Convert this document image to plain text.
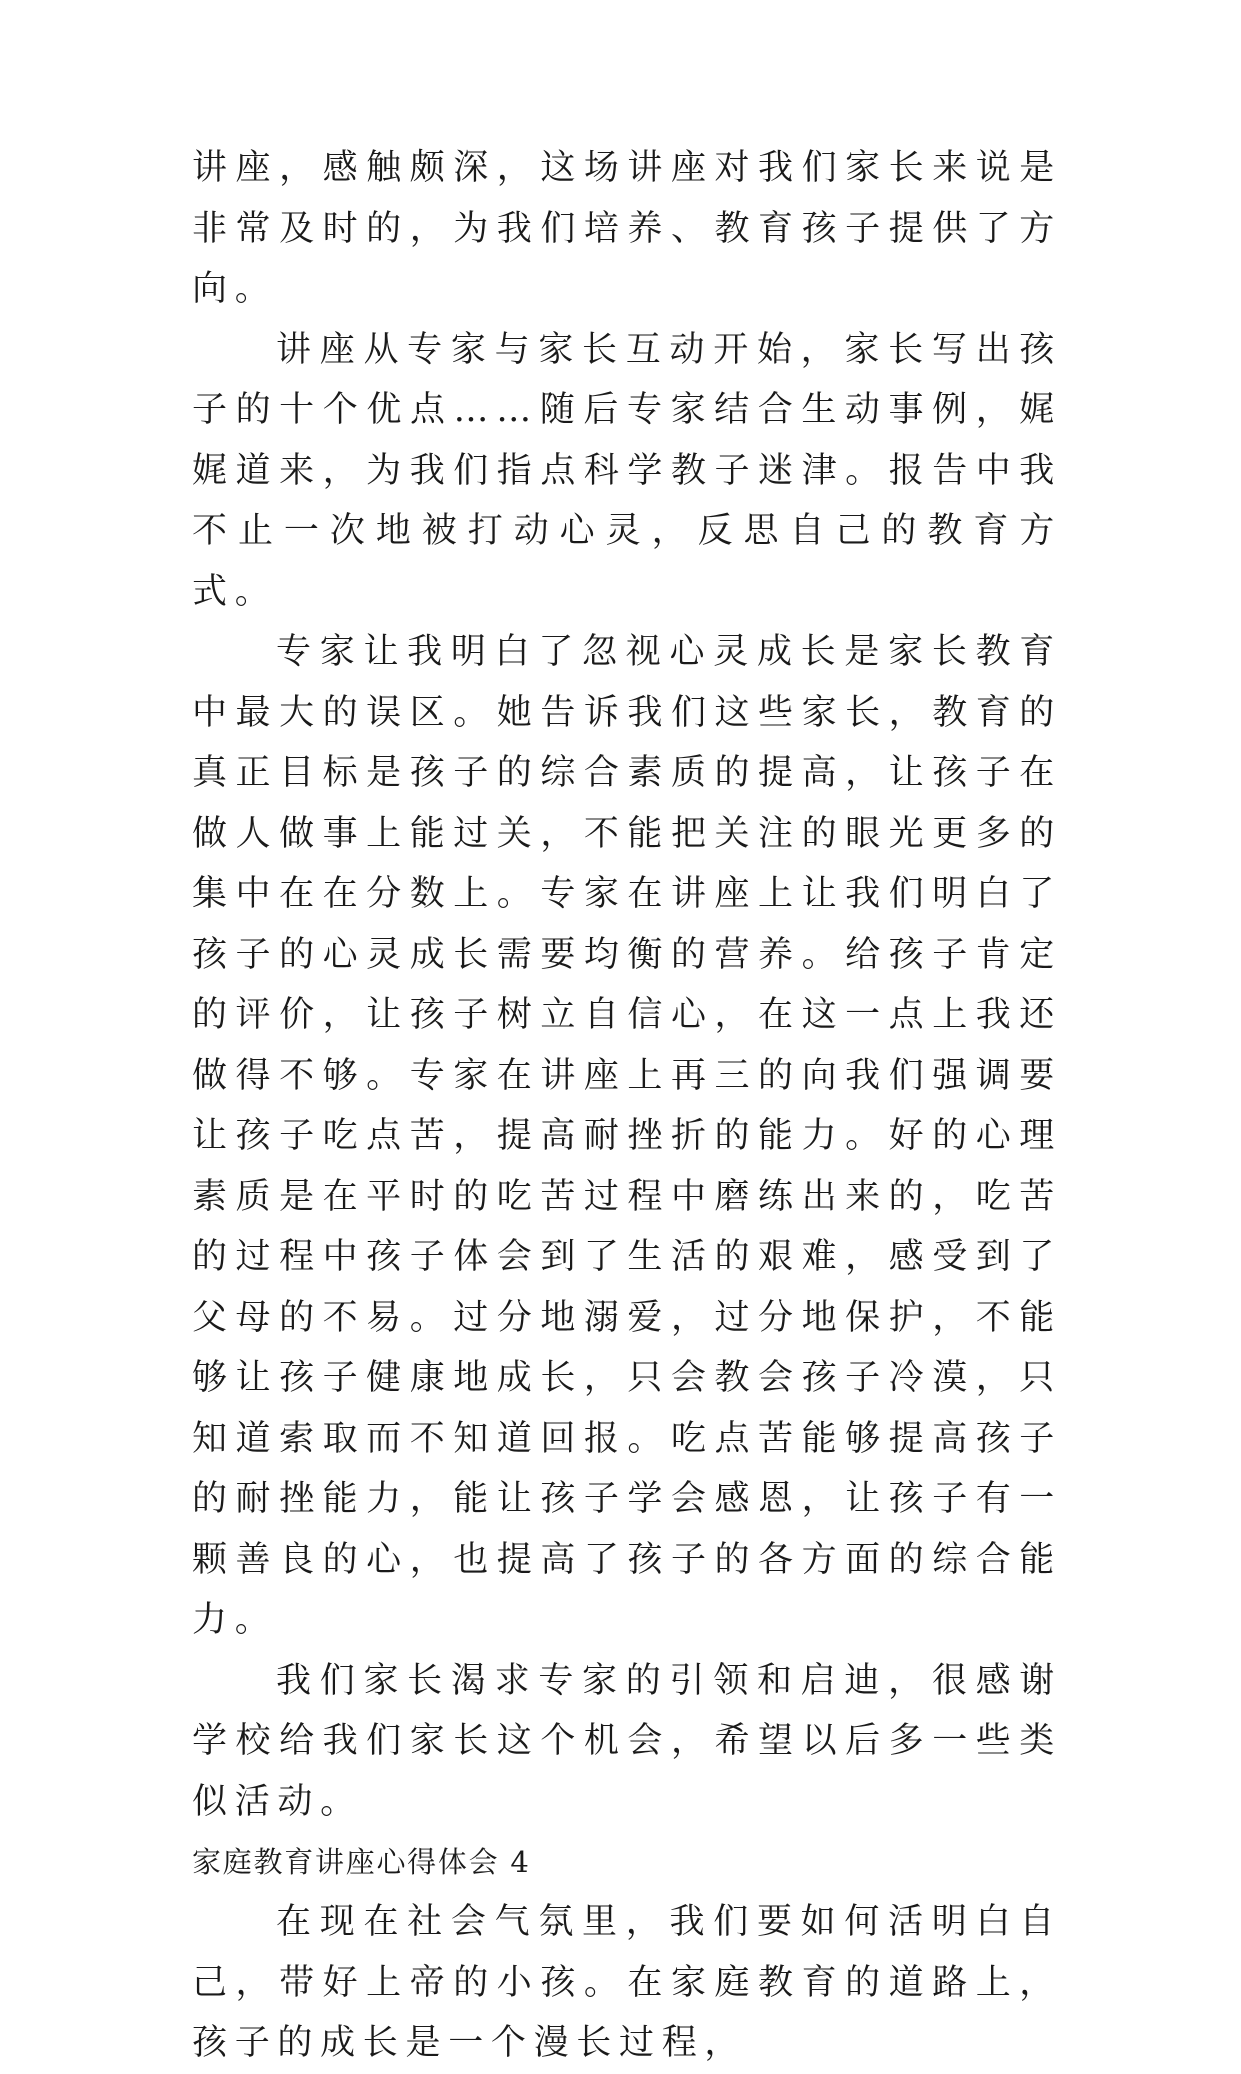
讲座，感触颇深，这场讲座对我们家长来说是非常及时的，为我们培养、教育孩子提供了方向。

讲座从专家与家长互动开始，家长写出孩子的十个优点……随后专家结合生动事例，娓娓道来，为我们指点科学教子迷津。报告中我不止一次地被打动心灵，反思自己的教育方式。

专家让我明白了忽视心灵成长是家长教育中最大的误区。她告诉我们这些家长，教育的真正目标是孩子的综合素质的提高，让孩子在做人做事上能过关，不能把关注的眼光更多的集中在在分数上。专家在讲座上让我们明白了孩子的心灵成长需要均衡的营养。给孩子肯定的评价，让孩子树立自信心，在这一点上我还做得不够。专家在讲座上再三的向我们强调要让孩子吃点苦，提高耐挫折的能力。好的心理素质是在平时的吃苦过程中磨练出来的，吃苦的过程中孩子体会到了生活的艰难，感受到了父母的不易。过分地溺爱，过分地保护，不能够让孩子健康地成长，只会教会孩子冷漠，只知道索取而不知道回报。吃点苦能够提高孩子的耐挫能力，能让孩子学会感恩，让孩子有一颗善良的心，也提高了孩子的各方面的综合能力。

我们家长渴求专家的引领和启迪，很感谢学校给我们家长这个机会，希望以后多一些类似活动。

家庭教育讲座心得体会 4

在现在社会气氛里，我们要如何活明白自己，带好上帝的小孩。在家庭教育的道路上，孩子的成长是一个漫长过程，
